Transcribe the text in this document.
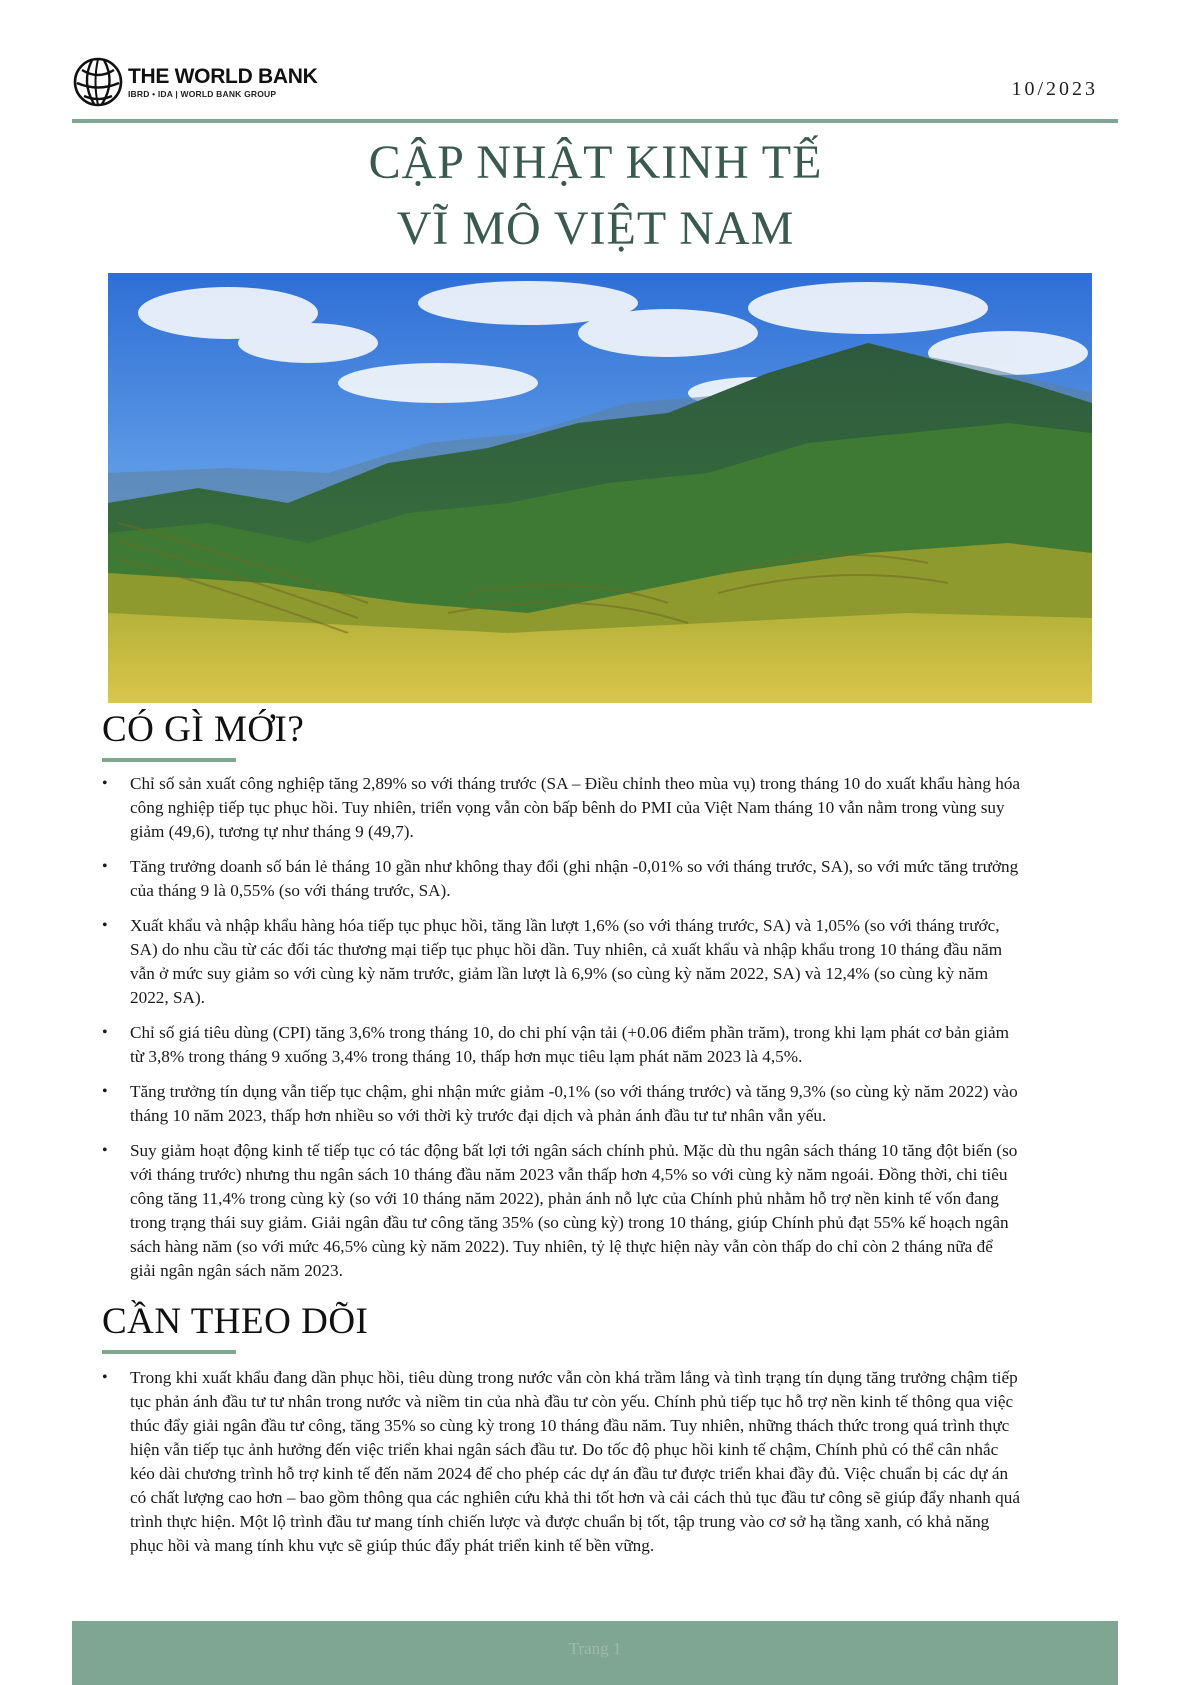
THE WORLD BANK
IBRD • IDA | WORLD BANK GROUP	10/2023
CẬP NHẬT KINH TẾ
VĨ MÔ VIỆT NAM
CÓ GÌ MỚI?
• Chỉ số sản xuất công nghiệp tăng 2,89% so với tháng trước (SA – Điều chỉnh theo mùa vụ) trong tháng 10 do xuất khẩu hàng hóa công nghiệp tiếp tục phục hồi. Tuy nhiên, triển vọng vẫn còn bấp bênh do PMI của Việt Nam tháng 10 vẫn nằm trong vùng suy giảm (49,6), tương tự như tháng 9 (49,7).
• Tăng trưởng doanh số bán lẻ tháng 10 gần như không thay đổi (ghi nhận -0,01% so với tháng trước, SA), so với mức tăng trưởng của tháng 9 là 0,55% (so với tháng trước, SA).
• Xuất khẩu và nhập khẩu hàng hóa tiếp tục phục hồi, tăng lần lượt 1,6% (so với tháng trước, SA) và 1,05% (so với tháng trước, SA) do nhu cầu từ các đối tác thương mại tiếp tục phục hồi dần. Tuy nhiên, cả xuất khẩu và nhập khẩu trong 10 tháng đầu năm vẫn ở mức suy giảm so với cùng kỳ năm trước, giảm lần lượt là 6,9% (so cùng kỳ năm 2022, SA) và 12,4% (so cùng kỳ năm 2022, SA).
• Chỉ số giá tiêu dùng (CPI) tăng 3,6% trong tháng 10, do chi phí vận tải (+0.06 điểm phần trăm), trong khi lạm phát cơ bản giảm từ 3,8% trong tháng 9 xuống 3,4% trong tháng 10, thấp hơn mục tiêu lạm phát năm 2023 là 4,5%.
• Tăng trưởng tín dụng vẫn tiếp tục chậm, ghi nhận mức giảm -0,1% (so với tháng trước) và tăng 9,3% (so cùng kỳ năm 2022) vào tháng 10 năm 2023, thấp hơn nhiều so với thời kỳ trước đại dịch và phản ánh đầu tư tư nhân vẫn yếu.
• Suy giảm hoạt động kinh tế tiếp tục có tác động bất lợi tới ngân sách chính phủ. Mặc dù thu ngân sách tháng 10 tăng đột biến (so với tháng trước) nhưng thu ngân sách 10 tháng đầu năm 2023 vẫn thấp hơn 4,5% so với cùng kỳ năm ngoái. Đồng thời, chi tiêu công tăng 11,4% trong cùng kỳ (so với 10 tháng năm 2022), phản ánh nỗ lực của Chính phủ nhằm hỗ trợ nền kinh tế vốn đang trong trạng thái suy giảm. Giải ngân đầu tư công tăng 35% (so cùng kỳ) trong 10 tháng, giúp Chính phủ đạt 55% kế hoạch ngân sách hàng năm (so với mức 46,5% cùng kỳ năm 2022). Tuy nhiên, tỷ lệ thực hiện này vẫn còn thấp do chỉ còn 2 tháng nữa để giải ngân ngân sách năm 2023.
CẦN THEO DÕI
• Trong khi xuất khẩu đang dần phục hồi, tiêu dùng trong nước vẫn còn khá trầm lắng và tình trạng tín dụng tăng trưởng chậm tiếp tục phản ánh đầu tư tư nhân trong nước và niềm tin của nhà đầu tư còn yếu. Chính phủ tiếp tục hỗ trợ nền kinh tế thông qua việc thúc đẩy giải ngân đầu tư công, tăng 35% so cùng kỳ trong 10 tháng đầu năm. Tuy nhiên, những thách thức trong quá trình thực hiện vẫn tiếp tục ảnh hưởng đến việc triển khai ngân sách đầu tư. Do tốc độ phục hồi kinh tế chậm, Chính phủ có thể cân nhắc kéo dài chương trình hỗ trợ kinh tế đến năm 2024 để cho phép các dự án đầu tư được triển khai đầy đủ. Việc chuẩn bị các dự án có chất lượng cao hơn – bao gồm thông qua các nghiên cứu khả thi tốt hơn và cải cách thủ tục đầu tư công sẽ giúp đẩy nhanh quá trình thực hiện. Một lộ trình đầu tư mang tính chiến lược và được chuẩn bị tốt, tập trung vào cơ sở hạ tầng xanh, có khả năng phục hồi và mang tính khu vực sẽ giúp thúc đẩy phát triển kinh tế bền vững.
Trang 1
